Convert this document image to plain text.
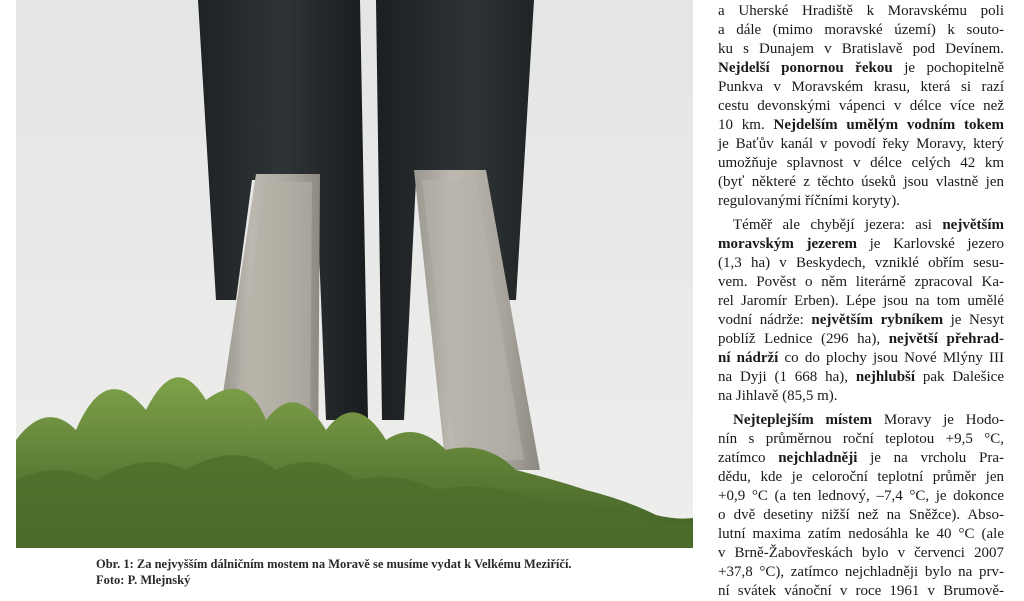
Obr. 1: Za nejvyšším dálničním mostem na Moravě se musíme vydat k Velkému Meziříčí.
Foto: P. Mlejnský
a Uherské Hradiště k Moravskému poli
a dále (mimo moravské území) k souto-
ku s Dunajem v Bratislavě pod Devínem.
Nejdelší ponornou řekou je pochopitelně
Punkva v Moravském krasu, která si razí
cestu devonskými vápenci v délce více než
10 km. Nejdelším umělým vodním tokem
je Baťův kanál v povodí řeky Moravy, který
umožňuje splavnost v délce celých 42 km
(byť některé z těchto úseků jsou vlastně jen
regulovanými říčními koryty).
Téměř ale chybějí jezera: asi největším
moravským jezerem je Karlovské jezero
(1,3 ha) v Beskydech, vzniklé obřím sesu-
vem. Pověst o něm literárně zpracoval Ka-
rel Jaromír Erben). Lépe jsou na tom umělé
vodní nádrže: největším rybníkem je Nesyt
poblíž Lednice (296 ha), největší přehrad-
ní nádrží co do plochy jsou Nové Mlýny III
na Dyji (1 668 ha), nejhlubší pak Dalešice
na Jihlavě (85,5 m).
Nejteplejším místem Moravy je Hodo-
nín s průměrnou roční teplotou +9,5 °C,
zatímco nejchladněji je na vrcholu Pra-
dědu, kde je celoroční teplotní průměr jen
+0,9 °C (a ten lednový, –7,4 °C, je dokonce
o dvě desetiny nižší než na Sněžce). Abso-
lutní maxima zatím nedosáhla ke 40 °C (ale
v Brně-Žabovřeskách bylo v červenci 2007
+37,8 °C), zatímco nejchladněji bylo na prv-
ní svátek vánoční v roce 1961 v Brumově-
